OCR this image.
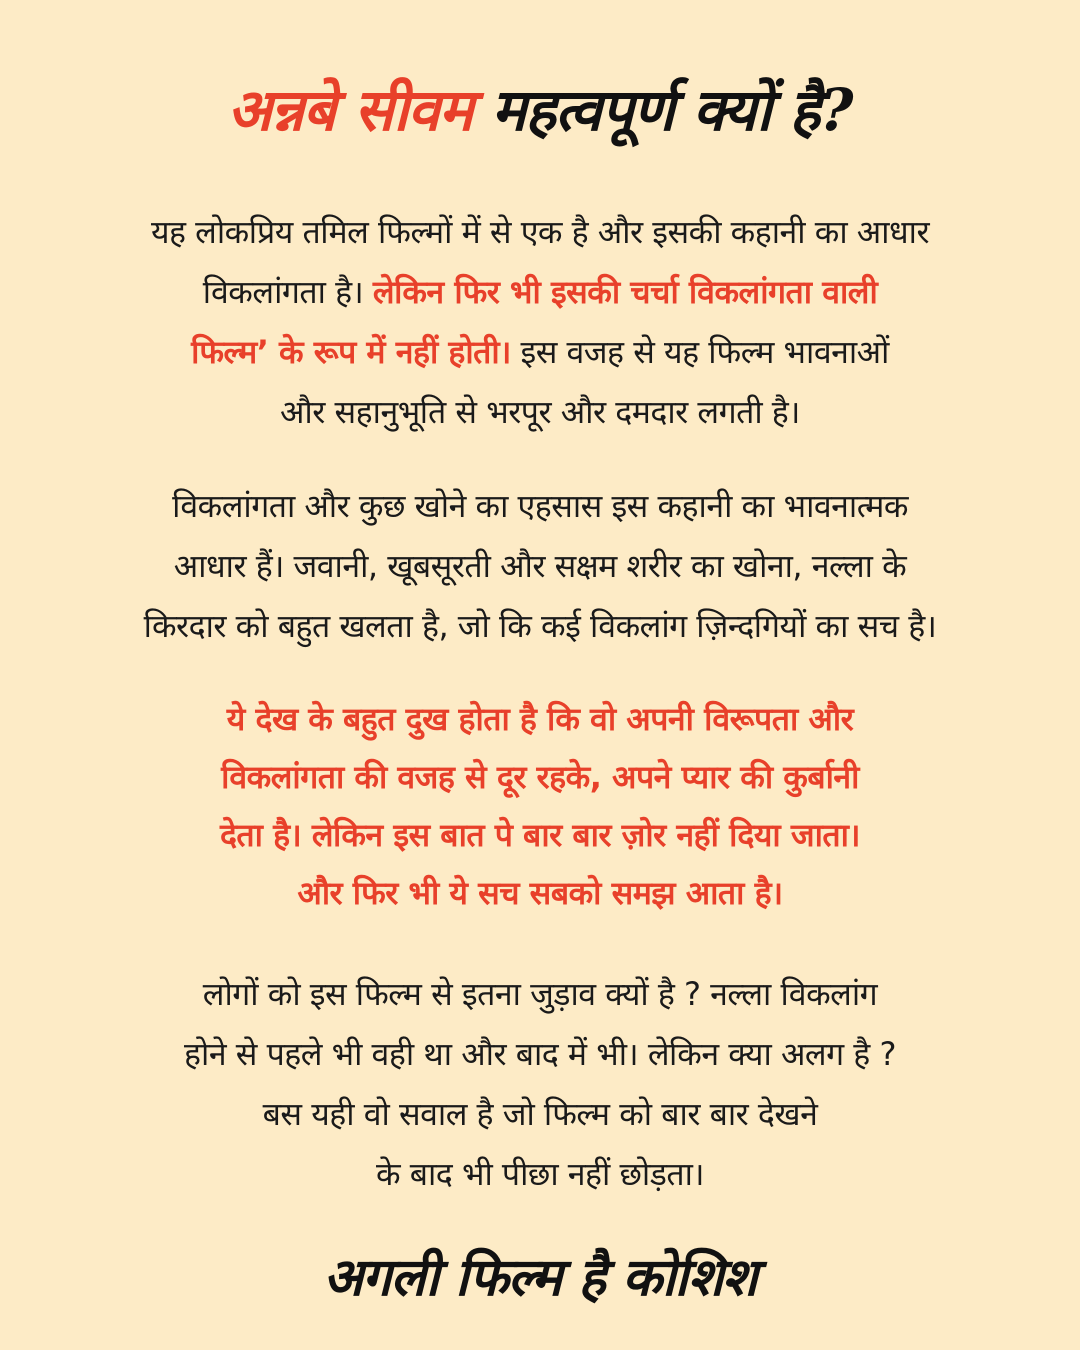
अन्नबे सीवम महत्वपूर्ण क्यों है?

यह लोकप्रिय तमिल फिल्मों में से एक है और इसकी कहानी का आधार
विकलांगता है। लेकिन फिर भी इसकी चर्चा विकलांगता वाली
फिल्म’ के रूप में नहीं होती। इस वजह से यह फिल्म भावनाओं
और सहानुभूति से भरपूर और दमदार लगती है।

विकलांगता और कुछ खोने का एहसास इस कहानी का भावनात्मक
आधार हैं। जवानी, खूबसूरती और सक्षम शरीर का खोना, नल्ला के
किरदार को बहुत खलता है, जो कि कई विकलांग ज़िन्दगियों का सच है।

ये देख के बहुत दुख होता है कि वो अपनी विरूपता और
विकलांगता की वजह से दूर रहके, अपने प्यार की कुर्बानी
देता है। लेकिन इस बात पे बार बार ज़ोर नहीं दिया जाता।
और फिर भी ये सच सबको समझ आता है।

लोगों को इस फिल्म से इतना जुड़ाव क्यों है ? नल्ला विकलांग
होने से पहले भी वही था और बाद में भी। लेकिन क्या अलग है ?
बस यही वो सवाल है जो फिल्म को बार बार देखने
के बाद भी पीछा नहीं छोड़ता।

अगली फिल्म है कोशिश
